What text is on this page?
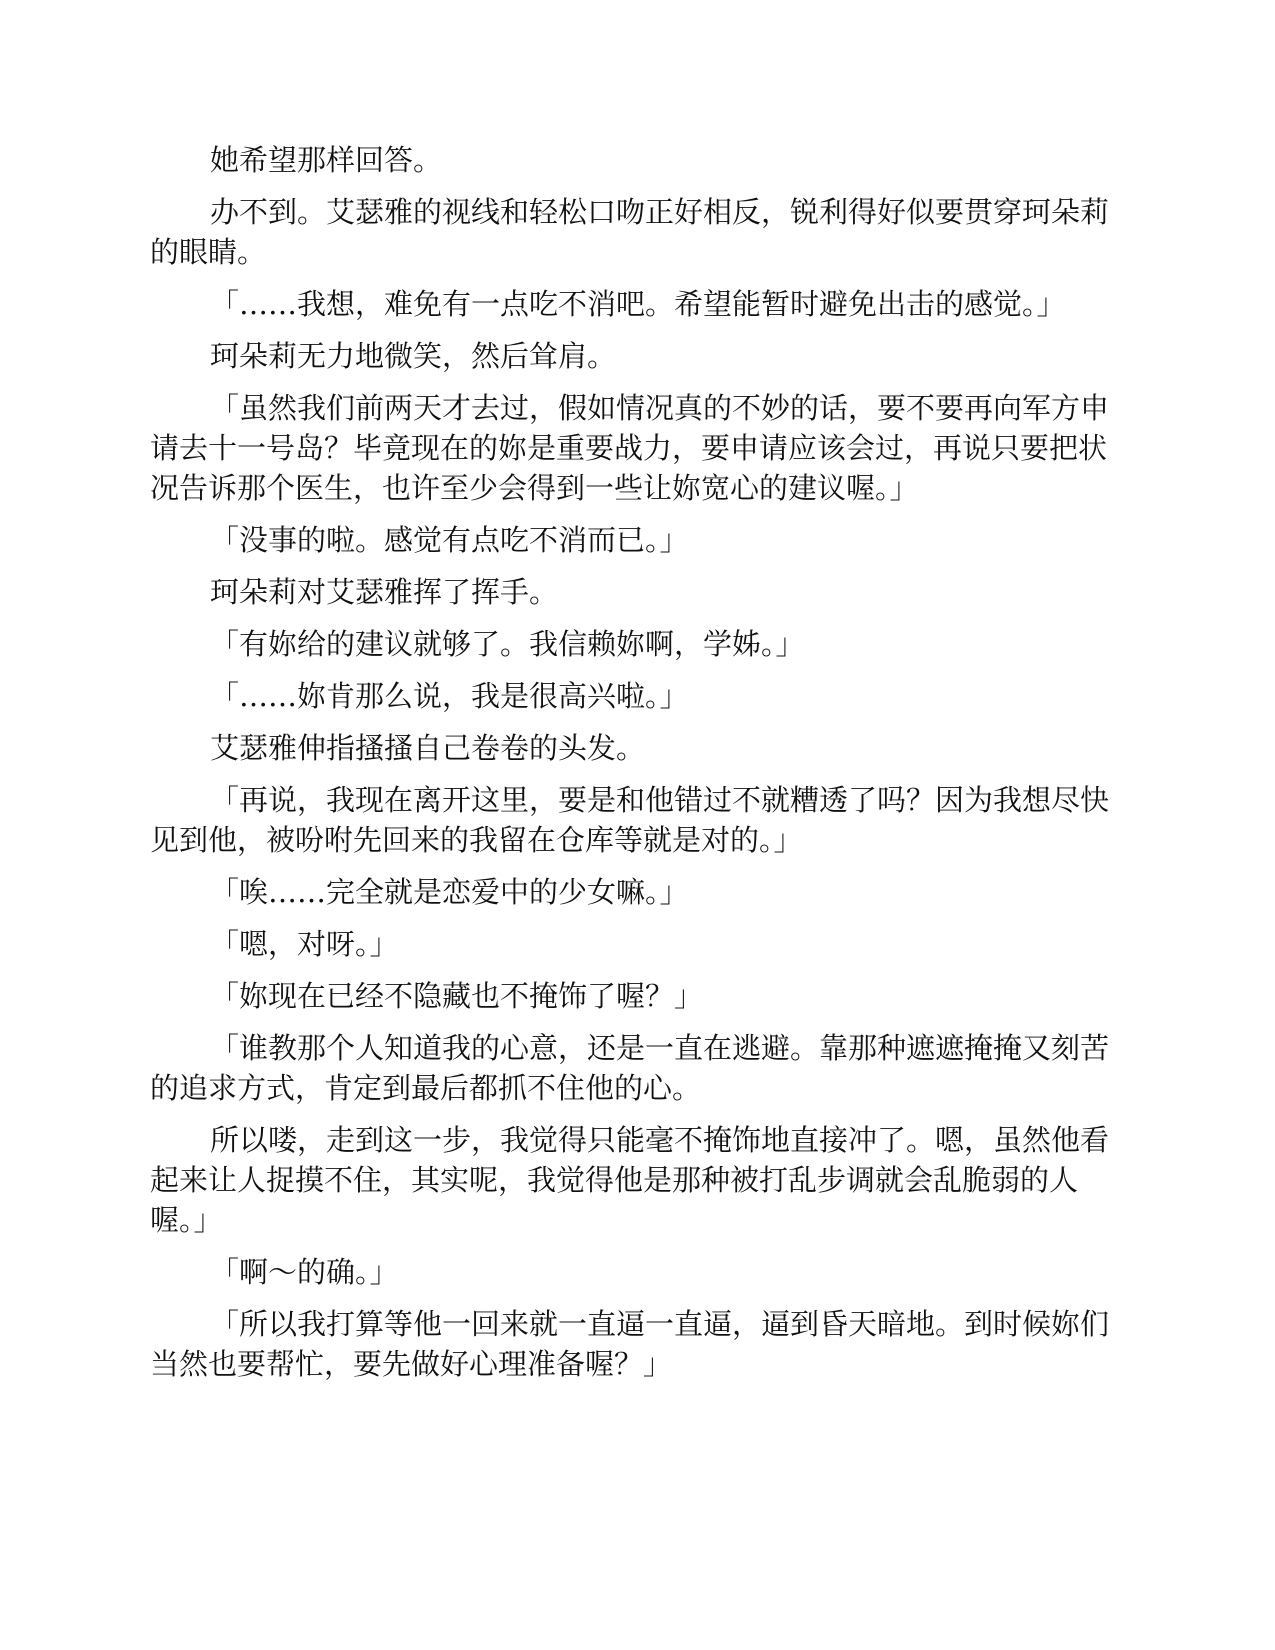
她希望那样回答。

办不到。艾瑟雅的视线和轻松口吻正好相反，锐利得好似要贯穿珂朵莉的眼睛。

「……我想，难免有一点吃不消吧。希望能暂时避免出击的感觉。」

珂朵莉无力地微笑，然后耸肩。

「虽然我们前两天才去过，假如情况真的不妙的话，要不要再向军方申请去十一号岛？毕竟现在的妳是重要战力，要申请应该会过，再说只要把状况告诉那个医生，也许至少会得到一些让妳宽心的建议喔。」

「没事的啦。感觉有点吃不消而已。」

珂朵莉对艾瑟雅挥了挥手。

「有妳给的建议就够了。我信赖妳啊，学姊。」

「……妳肯那么说，我是很高兴啦。」

艾瑟雅伸指搔搔自己卷卷的头发。

「再说，我现在离开这里，要是和他错过不就糟透了吗？因为我想尽快见到他，被吩咐先回来的我留在仓库等就是对的。」

「唉……完全就是恋爱中的少女嘛。」

「嗯，对呀。」

「妳现在已经不隐藏也不掩饰了喔？」

「谁教那个人知道我的心意，还是一直在逃避。靠那种遮遮掩掩又刻苦的追求方式，肯定到最后都抓不住他的心。

所以喽，走到这一步，我觉得只能毫不掩饰地直接冲了。嗯，虽然他看起来让人捉摸不住，其实呢，我觉得他是那种被打乱步调就会乱脆弱的人喔。」

「啊～的确。」

「所以我打算等他一回来就一直逼一直逼，逼到昏天暗地。到时候妳们当然也要帮忙，要先做好心理准备喔？」
